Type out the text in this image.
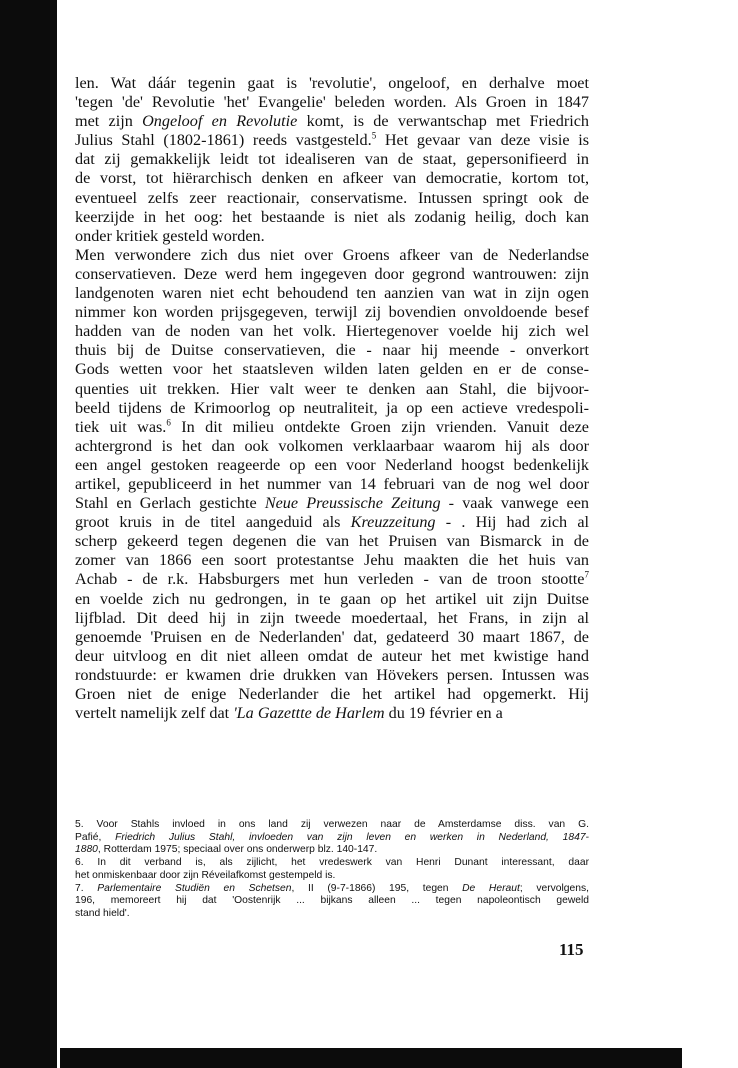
len. Wat dáár tegenin gaat is 'revolutie', ongeloof, en derhalve moet
'tegen 'de' Revolutie 'het' Evangelie' beleden worden. Als Groen in 1847
met zijn Ongeloof en Revolutie komt, is de verwantschap met Friedrich
Julius Stahl (1802-1861) reeds vastgesteld.$^5$ Het gevaar van deze visie is
dat zij gemakkelijk leidt tot idealiseren van de staat, gepersonifieerd in
de vorst, tot hiërarchisch denken en afkeer van democratie, kortom tot,
eventueel zelfs zeer reactionair, conservatisme. Intussen springt ook de
keerzijde in het oog: het bestaande is niet als zodanig heilig, doch kan
onder kritiek gesteld worden.
Men verwondere zich dus niet over Groens afkeer van de Nederlandse
conservatieven. Deze werd hem ingegeven door gegrond wantrouwen: zijn
landgenoten waren niet echt behoudend ten aanzien van wat in zijn ogen
nimmer kon worden prijsgegeven, terwijl zij bovendien onvoldoende besef
hadden van de noden van het volk. Hiertegenover voelde hij zich wel
thuis bij de Duitse conservatieven, die - naar hij meende - onverkort
Gods wetten voor het staatsleven wilden laten gelden en er de conse-
quenties uit trekken. Hier valt weer te denken aan Stahl, die bijvoor-
beeld tijdens de Krimoorlog op neutraliteit, ja op een actieve vredespoli-
tiek uit was.$^6$ In dit milieu ontdekte Groen zijn vrienden. Vanuit deze
achtergrond is het dan ook volkomen verklaarbaar waarom hij als door
een angel gestoken reageerde op een voor Nederland hoogst bedenkelijk
artikel, gepubliceerd in het nummer van 14 februari van de nog wel door
Stahl en Gerlach gestichte Neue Preussische Zeitung - vaak vanwege een
groot kruis in de titel aangeduid als Kreuzzeitung - . Hij had zich al
scherp gekeerd tegen degenen die van het Pruisen van Bismarck in de
zomer van 1866 een soort protestantse Jehu maakten die het huis van
Achab - de r.k. Habsburgers met hun verleden - van de troon stootte$^7$
en voelde zich nu gedrongen, in te gaan op het artikel uit zijn Duitse
lijfblad. Dit deed hij in zijn tweede moedertaal, het Frans, in zijn al
genoemde 'Pruisen en de Nederlanden' dat, gedateerd 30 maart 1867, de
deur uitvloog en dit niet alleen omdat de auteur het met kwistige hand
rondstuurde: er kwamen drie drukken van Hövekers persen. Intussen was
Groen niet de enige Nederlander die het artikel had opgemerkt. Hij
vertelt namelijk zelf dat 'La Gazettte de Harlem du 19 février en a
5. Voor Stahls invloed in ons land zij verwezen naar de Amsterdamse diss. van G.
Pafié, Friedrich Julius Stahl, invloeden van zijn leven en werken in Nederland, 1847-
1880, Rotterdam 1975; speciaal over ons onderwerp blz. 140-147.
6. In dit verband is, als zijlicht, het vredeswerk van Henri Dunant interessant, daar
het onmiskenbaar door zijn Réveilafkomst gestempeld is.
7. Parlementaire Studiën en Schetsen, II (9-7-1866) 195, tegen De Heraut; vervolgens,
196, memoreert hij dat 'Oostenrijk ... bijkans alleen ... tegen napoleontisch geweld
stand hield'.
115
